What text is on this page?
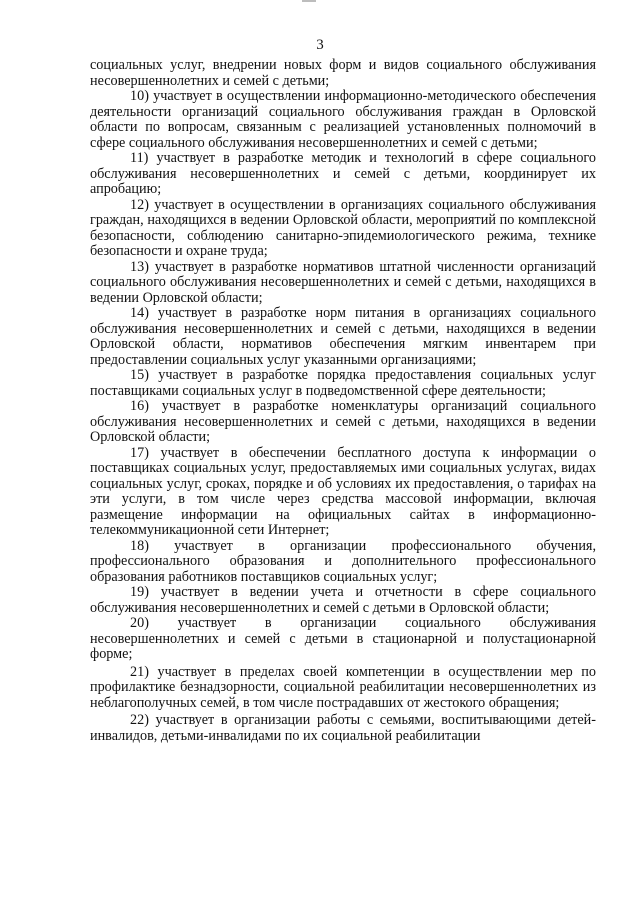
3

социальных услуг, внедрении новых форм и видов социального обслуживания несовершеннолетних и семей с детьми;

10) участвует в осуществлении информационно-методического обеспечения деятельности организаций социального обслуживания граждан в Орловской области по вопросам, связанным с реализацией установленных полномочий в сфере социального обслуживания несовершеннолетних и семей с детьми;

11) участвует в разработке методик и технологий в сфере социального обслуживания несовершеннолетних и семей с детьми, координирует их апробацию;

12) участвует в осуществлении в организациях социального обслуживания граждан, находящихся в ведении Орловской области, мероприятий по комплексной безопасности, соблюдению санитарно-эпидемиологического режима, технике безопасности и охране труда;

13) участвует в разработке нормативов штатной численности организаций социального обслуживания несовершеннолетних и семей с детьми, находящихся в ведении Орловской области;

14) участвует в разработке норм питания в организациях социального обслуживания несовершеннолетних и семей с детьми, находящихся в ведении Орловской области, нормативов обеспечения мягким инвентарем при предоставлении социальных услуг указанными организациями;

15) участвует в разработке порядка предоставления социальных услуг поставщиками социальных услуг в подведомственной сфере деятельности;

16) участвует в разработке номенклатуры организаций социального обслуживания несовершеннолетних и семей с детьми, находящихся в ведении Орловской области;

17) участвует в обеспечении бесплатного доступа к информации о поставщиках социальных услуг, предоставляемых ими социальных услугах, видах социальных услуг, сроках, порядке и об условиях их предоставления, о тарифах на эти услуги, в том числе через средства массовой информации, включая размещение информации на официальных сайтах в информационно-телекоммуникационной сети Интернет;

18) участвует в организации профессионального обучения, профессионального образования и дополнительного профессионального образования работников поставщиков социальных услуг;

19) участвует в ведении учета и отчетности в сфере социального обслуживания несовершеннолетних и семей с детьми в Орловской области;

20) участвует в организации социального обслуживания несовершеннолетних и семей с детьми в стационарной и полустационарной форме;

21) участвует в пределах своей компетенции в осуществлении мер по профилактике безнадзорности, социальной реабилитации несовершеннолетних из неблагополучных семей, в том числе пострадавших от жестокого обращения;

22) участвует в организации работы с семьями, воспитывающими детей-инвалидов, детьми-инвалидами по их социальной реабилитации
